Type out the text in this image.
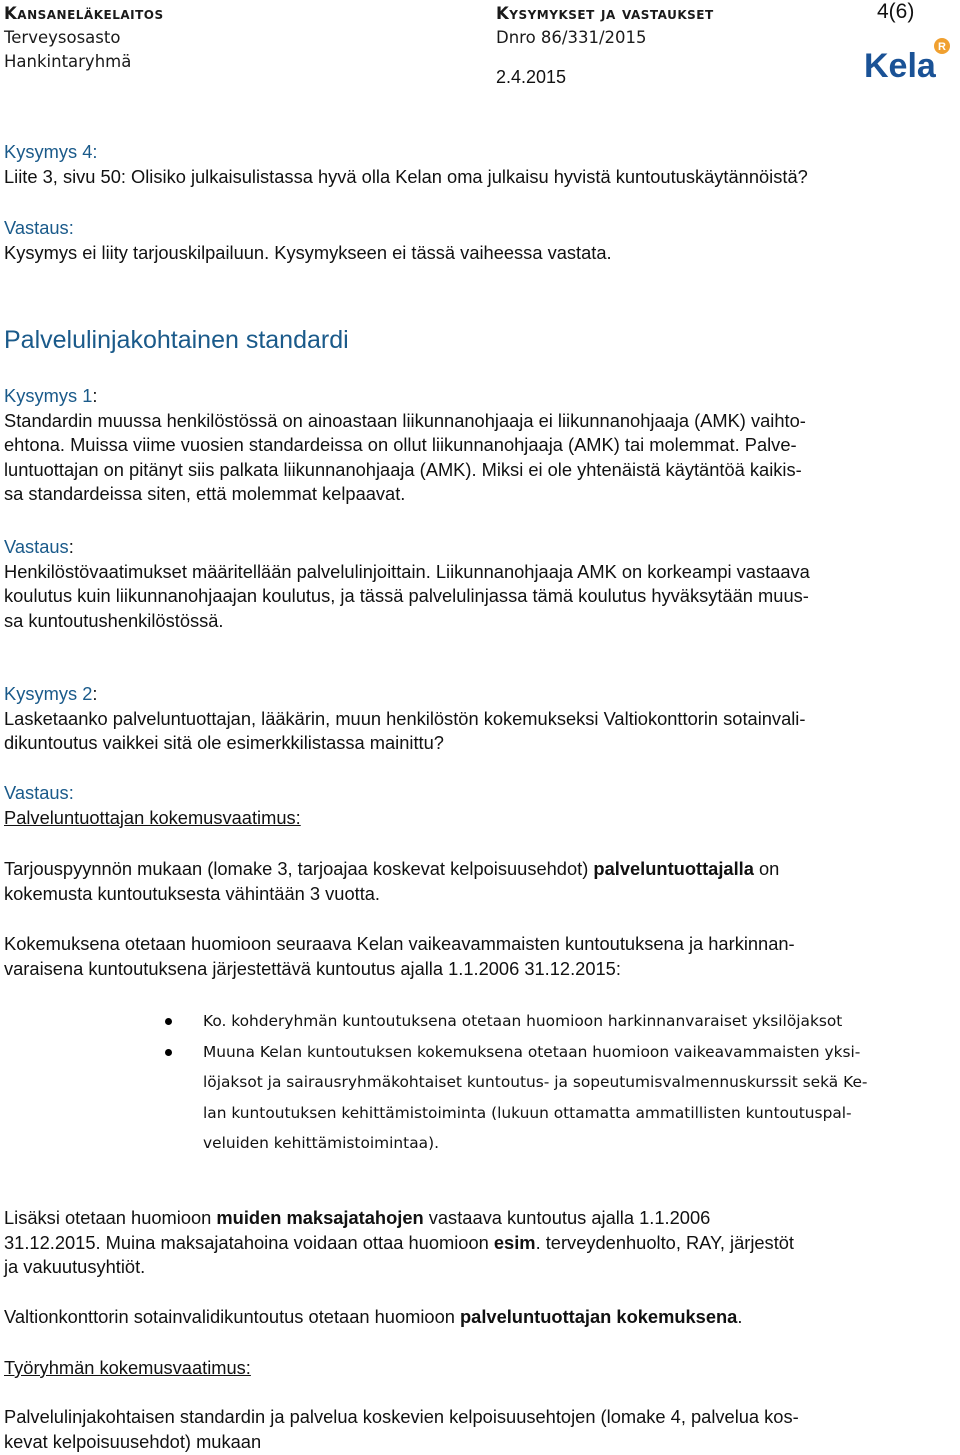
Kansaneläkelaitos
Terveysosasto
Hankintaryhmä
Kysymykset ja vastaukset
Dnro 86/331/2015
2.4.2015
4(6)
Kela R

Kysymys 4:

Liite 3, sivu 50: Olisiko julkaisulistassa hyvä olla Kelan oma julkaisu hyvistä kuntoutuskäytännöistä?

Vastaus:

Kysymys ei liity tarjouskilpailuun. Kysymykseen ei tässä vaiheessa vastata.

Palvelulinjakohtainen standardi

Kysymys 1:

Standardin muussa henkilöstössä on ainoastaan liikunnanohjaaja ei liikunnanohjaaja (AMK) vaihto-

ehtona. Muissa viime vuosien standardeissa on ollut liikunnanohjaaja (AMK) tai molemmat. Palve-

luntuottajan on pitänyt siis palkata liikunnanohjaaja (AMK). Miksi ei ole yhtenäistä käytäntöä kaikis-

sa standardeissa siten, että molemmat kelpaavat.

Vastaus:

Henkilöstövaatimukset määritellään palvelulinjoittain. Liikunnanohjaaja AMK on korkeampi vastaava

koulutus kuin liikunnanohjaajan koulutus, ja tässä palvelulinjassa tämä koulutus hyväksytään muus-

sa kuntoutushenkilöstössä.

Kysymys 2:

Lasketaanko palveluntuottajan, lääkärin, muun henkilöstön kokemukseksi Valtiokonttorin sotainvali-

dikuntoutus vaikkei sitä ole esimerkkilistassa mainittu?

Vastaus:

Palveluntuottajan kokemusvaatimus:

Tarjouspyynnön mukaan (lomake 3, tarjoajaa koskevat kelpoisuusehdot) palveluntuottajalla on

kokemusta kuntoutuksesta vähintään 3 vuotta.

Kokemuksena otetaan huomioon seuraava Kelan vaikeavammaisten kuntoutuksena ja harkinnan-

varaisena kuntoutuksena järjestettävä kuntoutus ajalla 1.1.2006 31.12.2015:

Ko. kohderyhmän kuntoutuksena otetaan huomioon harkinnanvaraiset yksilöjaksot
Muuna Kelan kuntoutuksen kokemuksena otetaan huomioon vaikeavammaisten yksi-
löjaksot ja sairausryhmäkohtaiset kuntoutus- ja sopeutumisvalmennuskurssit sekä Ke-
lan kuntoutuksen kehittämistoiminta (lukuun ottamatta ammatillisten kuntoutuspal-
veluiden kehittämistoimintaa).

Lisäksi otetaan huomioon muiden maksajatahojen vastaava kuntoutus ajalla 1.1.2006

31.12.2015. Muina maksajatahoina voidaan ottaa huomioon esim. terveydenhuolto, RAY, järjestöt

ja vakuutusyhtiöt.

Valtionkonttorin sotainvalidikuntoutus otetaan huomioon palveluntuottajan kokemuksena.

Työryhmän kokemusvaatimus:

Palvelulinjakohtaisen standardin ja palvelua koskevien kelpoisuusehtojen (lomake 4, palvelua kos-

kevat kelpoisuusehdot) mukaan
